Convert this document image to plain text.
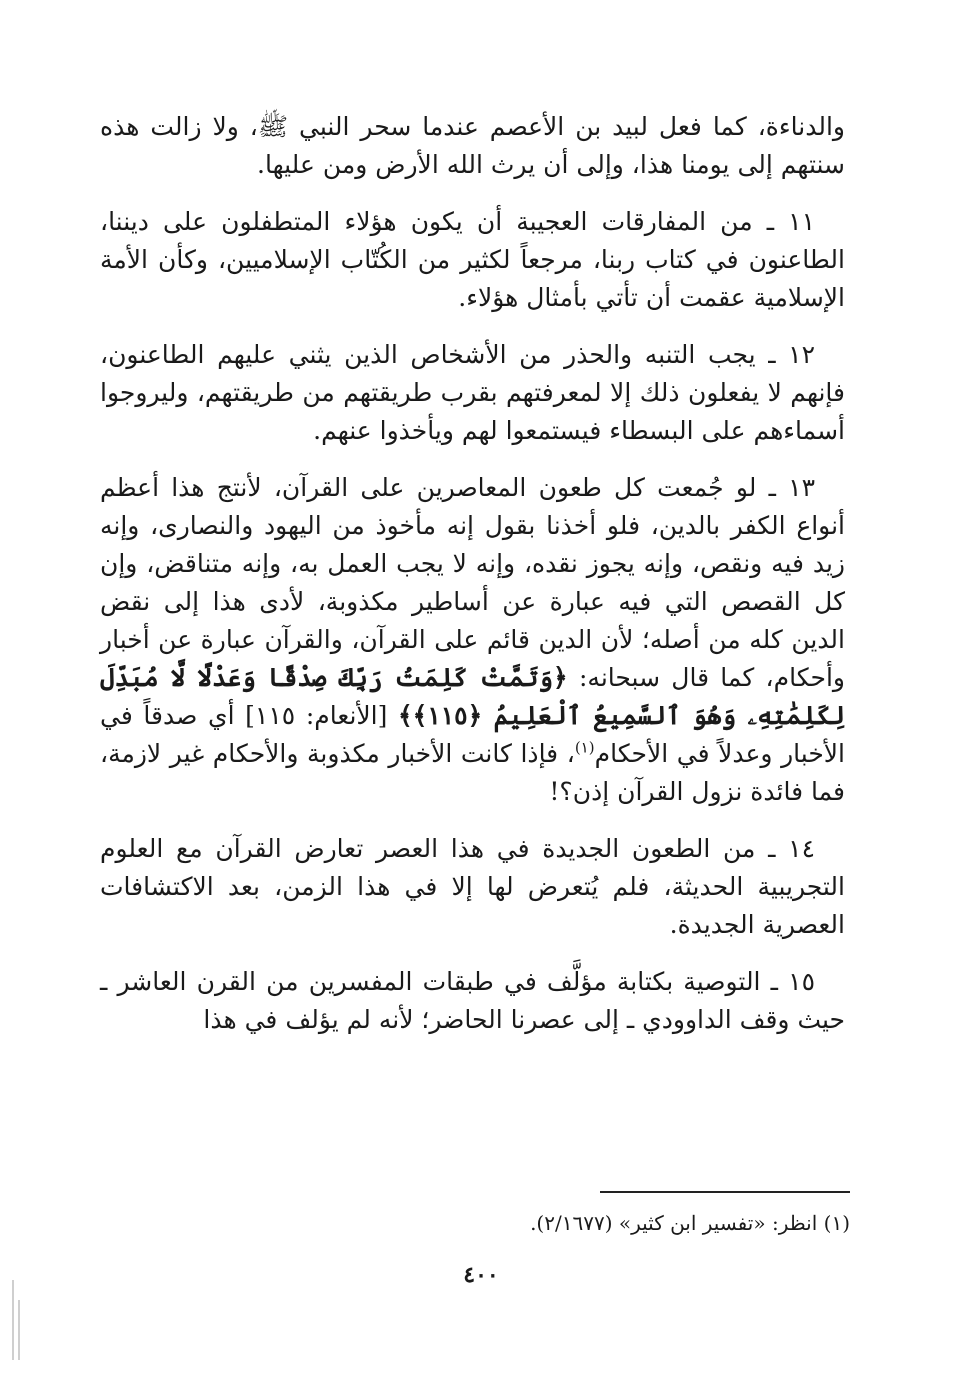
والدناءة، كما فعل لبيد بن الأعصم عندما سحر النبي ﷺ، ولا زالت هذه سنتهم إلى يومنا هذا، وإلى أن يرث الله الأرض ومن عليها.

١١ ـ من المفارقات العجيبة أن يكون هؤلاء المتطفلون على ديننا، الطاعنون في كتاب ربنا، مرجعاً لكثير من الكُتّاب الإسلاميين، وكأن الأمة الإسلامية عقمت أن تأتي بأمثال هؤلاء.

١٢ ـ يجب التنبه والحذر من الأشخاص الذين يثني عليهم الطاعنون، فإنهم لا يفعلون ذلك إلا لمعرفتهم بقرب طريقتهم من طريقتهم، وليروجوا أسماءهم على البسطاء فيستمعوا لهم ويأخذوا عنهم.

١٣ ـ لو جُمعت كل طعون المعاصرين على القرآن، لأنتج هذا أعظم أنواع الكفر بالدين، فلو أخذنا بقول إنه مأخوذ من اليهود والنصارى، وإنه زيد فيه ونقص، وإنه يجوز نقده، وإنه لا يجب العمل به، وإنه متناقض، وإن كل القصص التي فيه عبارة عن أساطير مكذوبة، لأدى هذا إلى نقض الدين كله من أصله؛ لأن الدين قائم على القرآن، والقرآن عبارة عن أخبار وأحكام، كما قال سبحانه: ﴿وَتَمَّتْ كَلِمَتُ رَبِّكَ صِدْقًا وَعَدْلًا لَّا مُبَدِّلَ لِكَلِمَٰتِهِۦ وَهُوَ ٱلسَّمِيعُ ٱلْعَلِيمُ ﴿١١٥﴾﴾ [الأنعام: ١١٥] أي صدقاً في الأخبار وعدلاً في الأحكام$^{(١)}$، فإذا كانت الأخبار مكذوبة والأحكام غير لازمة، فما فائدة نزول القرآن إذن؟!

١٤ ـ من الطعون الجديدة في هذا العصر تعارض القرآن مع العلوم التجريبية الحديثة، فلم يُتعرض لها إلا في هذا الزمن، بعد الاكتشافات العصرية الجديدة.

١٥ ـ التوصية بكتابة مؤلَّف في طبقات المفسرين من القرن العاشر ـ حيث وقف الداوودي ـ إلى عصرنا الحاضر؛ لأنه لم يؤلف في هذا

(١) انظر: «تفسير ابن كثير» (٢/١٦٧٧).
٤٠٠
